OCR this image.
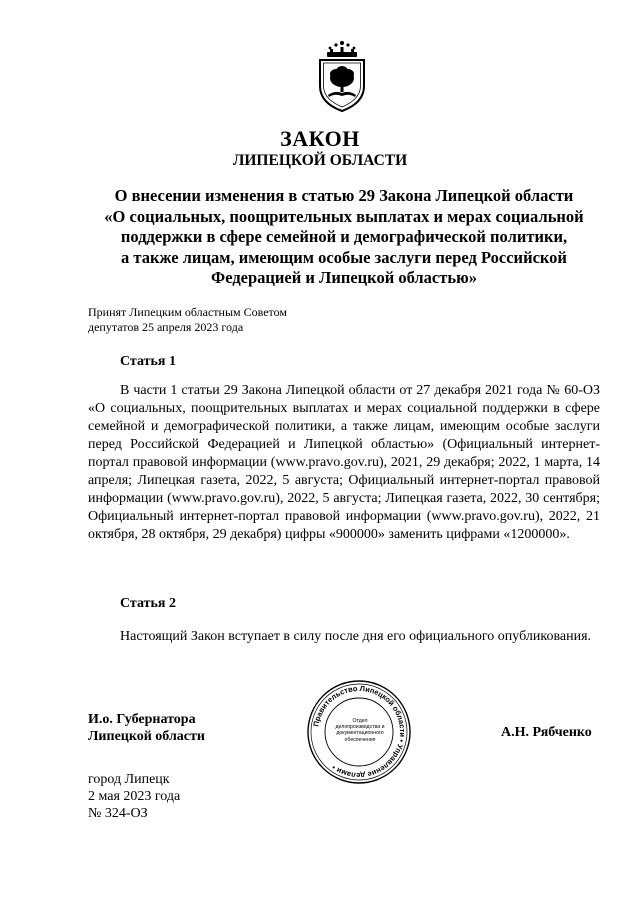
ЗАКОН
ЛИПЕЦКОЙ ОБЛАСТИ
О внесении изменения в статью 29 Закона Липецкой области
«О социальных, поощрительных выплатах и мерах социальной
поддержки в сфере семейной и демографической политики,
а также лицам, имеющим особые заслуги перед Российской
Федерацией и Липецкой областью»
Принят Липецким областным Советом
депутатов 25 апреля 2023 года
Статья 1

В части 1 статьи 29 Закона Липецкой области от 27 декабря 2021 года № 60-ОЗ «О социальных, поощрительных выплатах и мерах социальной поддержки в сфере семейной и демографической политики, а также лицам, имеющим особые заслуги перед Российской Федерацией и Липецкой областью» (Официальный интернет-портал правовой информации (www.pravo.gov.ru), 2021, 29 декабря; 2022, 1 марта, 14 апреля; Липецкая газета, 2022, 5 августа; Официальный интернет-портал правовой информации (www.pravo.gov.ru), 2022, 5 августа; Липецкая газета, 2022, 30 сентября; Официальный интернет-портал правовой информации (www.pravo.gov.ru), 2022, 21 октября, 28 октября, 29 декабря) цифры «900000» заменить цифрами «1200000».

Статья 2

Настоящий Закон вступает в силу после дня его официального опубликования.

И.о. Губернатора
Липецкой области
Правительство Липецкой области • Управление делами •
Отдел
делопроизводства и
документационного
обеспечения	А.Н. Рябченко
город Липецк
2 мая 2023 года
№ 324-ОЗ
